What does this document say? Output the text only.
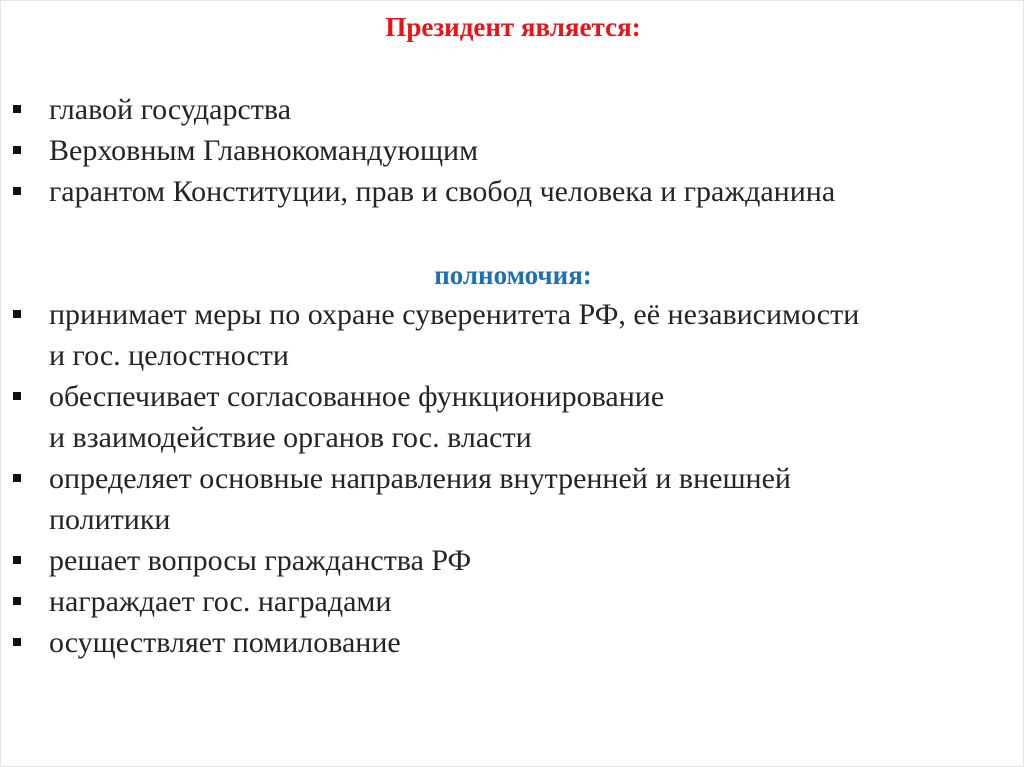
Президент является:
главой государства
Верховным Главнокомандующим
гарантом Конституции, прав и свобод человека и гражданина
полномочия:
принимает меры по охране суверенитета РФ, её независимости
и гос. целостности
обеспечивает согласованное функционирование
и взаимодействие органов гос. власти
определяет основные направления внутренней и внешней
политики
решает вопросы гражданства РФ
награждает гос. наградами
осуществляет помилование
